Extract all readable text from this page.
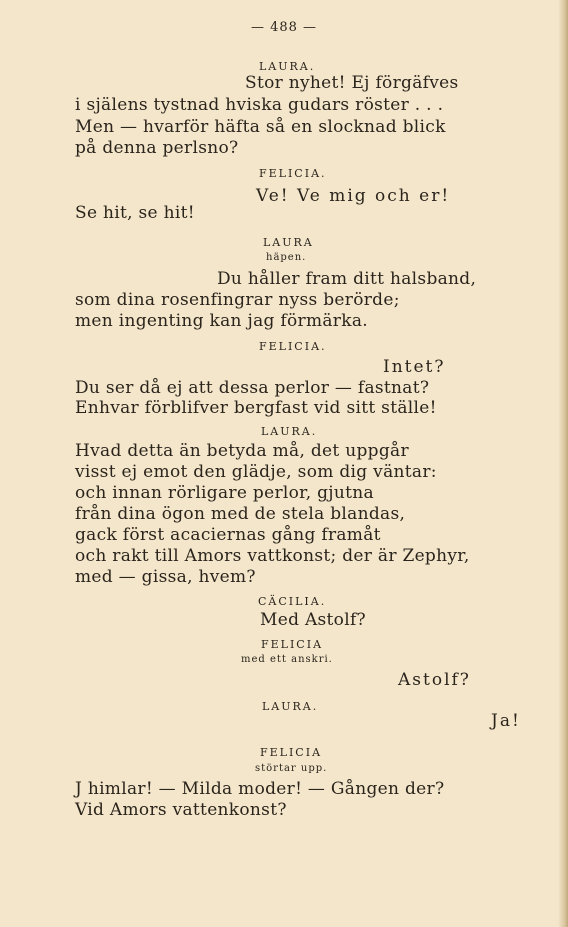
— 488 —
LAURA.
Stor nyhet! Ej förgäfves
i själens tystnad hviska gudars röster . . .
Men — hvarför häfta så en slocknad blick
på denna perlsno?
FELICIA.
Ve! Ve mig och er!
Se hit, se hit!
LAURA
häpen.
Du håller fram ditt halsband,
som dina rosenfingrar nyss berörde;
men ingenting kan jag förmärka.
FELICIA.
Intet?
Du ser då ej att dessa perlor — fastnat?
Enhvar förblifver bergfast vid sitt ställe!
LAURA.
Hvad detta än betyda må, det uppgår
visst ej emot den glädje, som dig väntar:
och innan rörligare perlor, gjutna
från dina ögon med de stela blandas,
gack först acaciernas gång framåt
och rakt till Amors vattkonst; der är Zephyr,
med — gissa, hvem?
CÄCILIA.
Med Astolf?
FELICIA
med ett anskri.
Astolf?
LAURA.
Ja!
FELICIA
störtar upp.
J himlar! — Milda moder! — Gången der?
Vid Amors vattenkonst?
